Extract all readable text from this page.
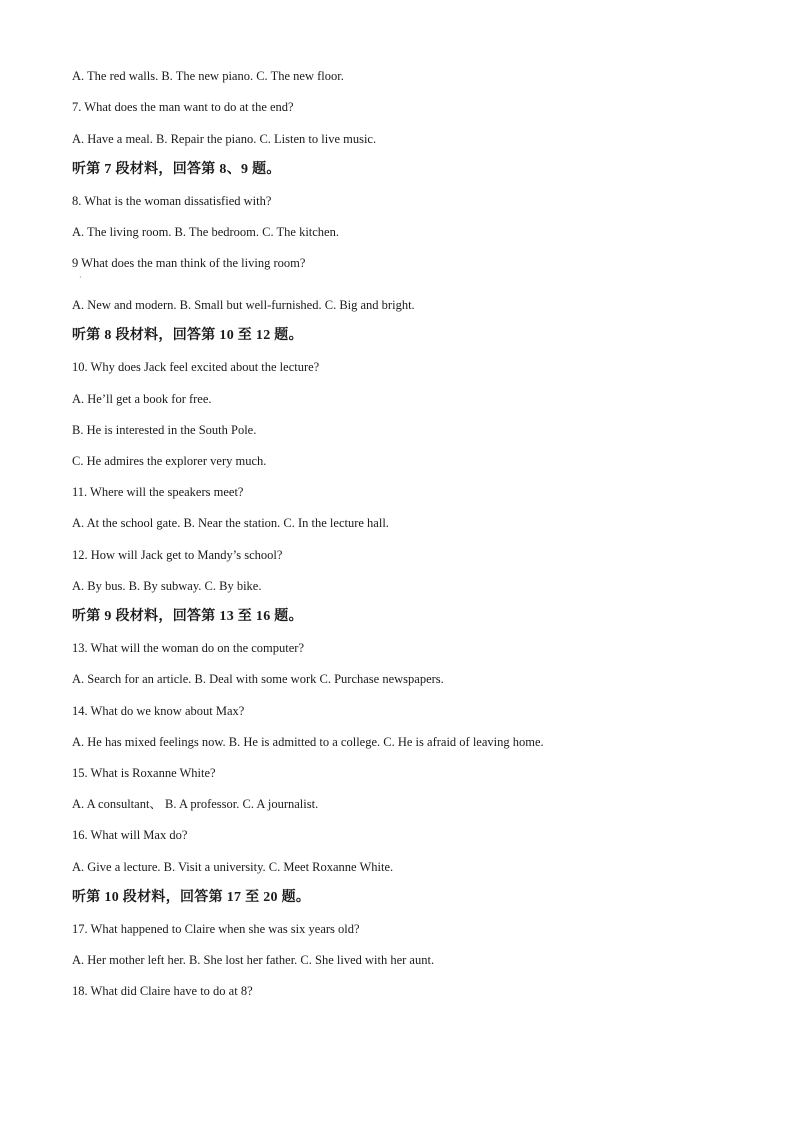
A. The red walls. B. The new piano. C. The new floor.
7. What does the man want to do at the end?
A. Have a meal. B. Repair the piano. C. Listen to live music.
听第 7 段材料，回答第 8、9 题。
8. What is the woman dissatisfied with?
A. The living room. B. The bedroom. C. The kitchen.
9 What does the man think of the living room?
·
A. New and modern. B. Small but well-furnished. C. Big and bright.
听第 8 段材料，回答第 10 至 12 题。
10. Why does Jack feel excited about the lecture?
A. He’ll get a book for free.
B. He is interested in the South Pole.
C. He admires the explorer very much.
11. Where will the speakers meet?
A. At the school gate. B. Near the station. C. In the lecture hall.
12. How will Jack get to Mandy’s school?
A. By bus. B. By subway. C. By bike.
听第 9 段材料，回答第 13 至 16 题。
13. What will the woman do on the computer?
A. Search for an article. B. Deal with some work C. Purchase newspapers.
14. What do we know about Max?
A. He has mixed feelings now. B. He is admitted to a college. C. He is afraid of leaving home.
15. What is Roxanne White?
A. A consultant、 B. A professor. C. A journalist.
16. What will Max do?
A. Give a lecture. B. Visit a university. C. Meet Roxanne White.
听第 10 段材料，回答第 17 至 20 题。
17. What happened to Claire when she was six years old?
A. Her mother left her. B. She lost her father. C. She lived with her aunt.
18. What did Claire have to do at 8?
